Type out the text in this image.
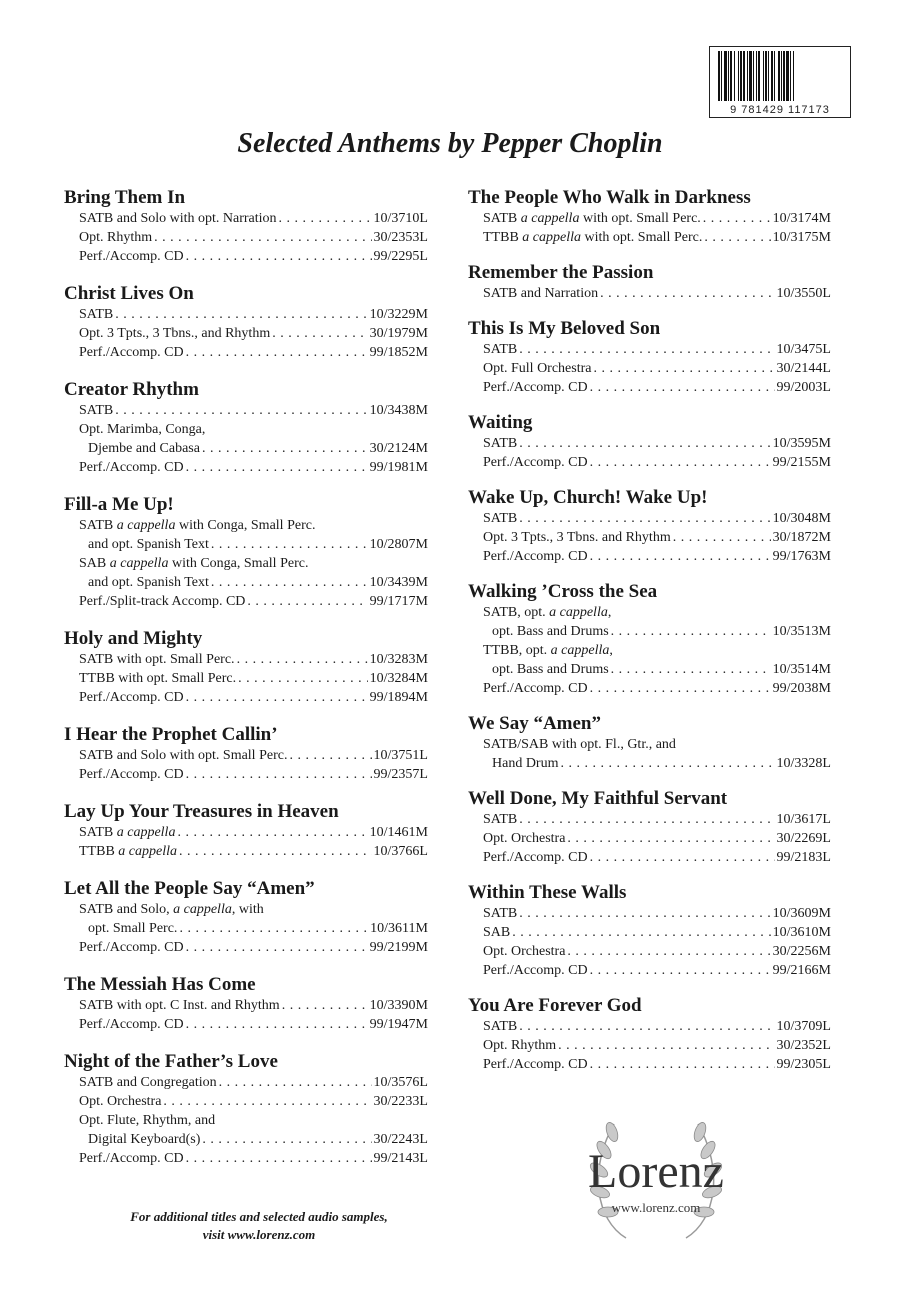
9 781429 117173
Selected Anthems by Pepper Choplin
Bring Them In
SATB and Solo with opt. Narration . . .	10/3710L
Opt. Rhythm . . .	30/2353L
Perf./Accomp. CD . . .	99/2295L
Christ Lives On
SATB . . .	10/3229M
Opt. 3 Tpts., 3 Tbns., and Rhythm . . .	30/1979M
Perf./Accomp. CD . . .	99/1852M
Creator Rhythm
SATB . . .	10/3438M
Opt. Marimba, Conga,
Djembe and Cabasa . . .	30/2124M
Perf./Accomp. CD . . .	99/1981M
Fill-a Me Up!
SATB a cappella with Conga, Small Perc.
and opt. Spanish Text . . .	10/2807M
SAB a cappella with Conga, Small Perc.
and opt. Spanish Text . . .	10/3439M
Perf./Split-track Accomp. CD . . .	99/1717M
Holy and Mighty
SATB with opt. Small Perc. . . .	10/3283M
TTBB with opt. Small Perc. . . .	10/3284M
Perf./Accomp. CD . . .	99/1894M
I Hear the Prophet Callin’
SATB and Solo with opt. Small Perc. . . .	10/3751L
Perf./Accomp. CD . . .	99/2357L
Lay Up Your Treasures in Heaven
SATB a cappella . . .	10/1461M
TTBB a cappella . . .	10/3766L
Let All the People Say “Amen”
SATB and Solo, a cappella, with
opt. Small Perc. . . .	10/3611M
Perf./Accomp. CD . . .	99/2199M
The Messiah Has Come
SATB with opt. C Inst. and Rhythm . . .	10/3390M
Perf./Accomp. CD . . .	99/1947M
Night of the Father’s Love
SATB and Congregation . . .	10/3576L
Opt. Orchestra . . .	30/2233L
Opt. Flute, Rhythm, and
Digital Keyboard(s) . . .	30/2243L
Perf./Accomp. CD . . .	99/2143L
The People Who Walk in Darkness
SATB a cappella with opt. Small Perc. . . .	10/3174M
TTBB a cappella with opt. Small Perc. . . .	10/3175M
Remember the Passion
SATB and Narration . . .	10/3550L
This Is My Beloved Son
SATB . . .	10/3475L
Opt. Full Orchestra . . .	30/2144L
Perf./Accomp. CD . . .	99/2003L
Waiting
SATB . . .	10/3595M
Perf./Accomp. CD . . .	99/2155M
Wake Up, Church! Wake Up!
SATB . . .	10/3048M
Opt. 3 Tpts., 3 Tbns. and Rhythm . . .	30/1872M
Perf./Accomp. CD . . .	99/1763M
Walking ’Cross the Sea
SATB, opt. a cappella,
opt. Bass and Drums . . .	10/3513M
TTBB, opt. a cappella,
opt. Bass and Drums . . .	10/3514M
Perf./Accomp. CD . . .	99/2038M
We Say “Amen”
SATB/SAB with opt. Fl., Gtr., and
Hand Drum . . .	10/3328L
Well Done, My Faithful Servant
SATB . . .	10/3617L
Opt. Orchestra . . .	30/2269L
Perf./Accomp. CD . . .	99/2183L
Within These Walls
SATB . . .	10/3609M
SAB . . .	10/3610M
Opt. Orchestra . . .	30/2256M
Perf./Accomp. CD . . .	99/2166M
You Are Forever God
SATB . . .	10/3709L
Opt. Rhythm . . .	30/2352L
Perf./Accomp. CD . . .	99/2305L
Lorenz
www.lorenz.com
For additional titles and selected audio samples,
visit www.lorenz.com
